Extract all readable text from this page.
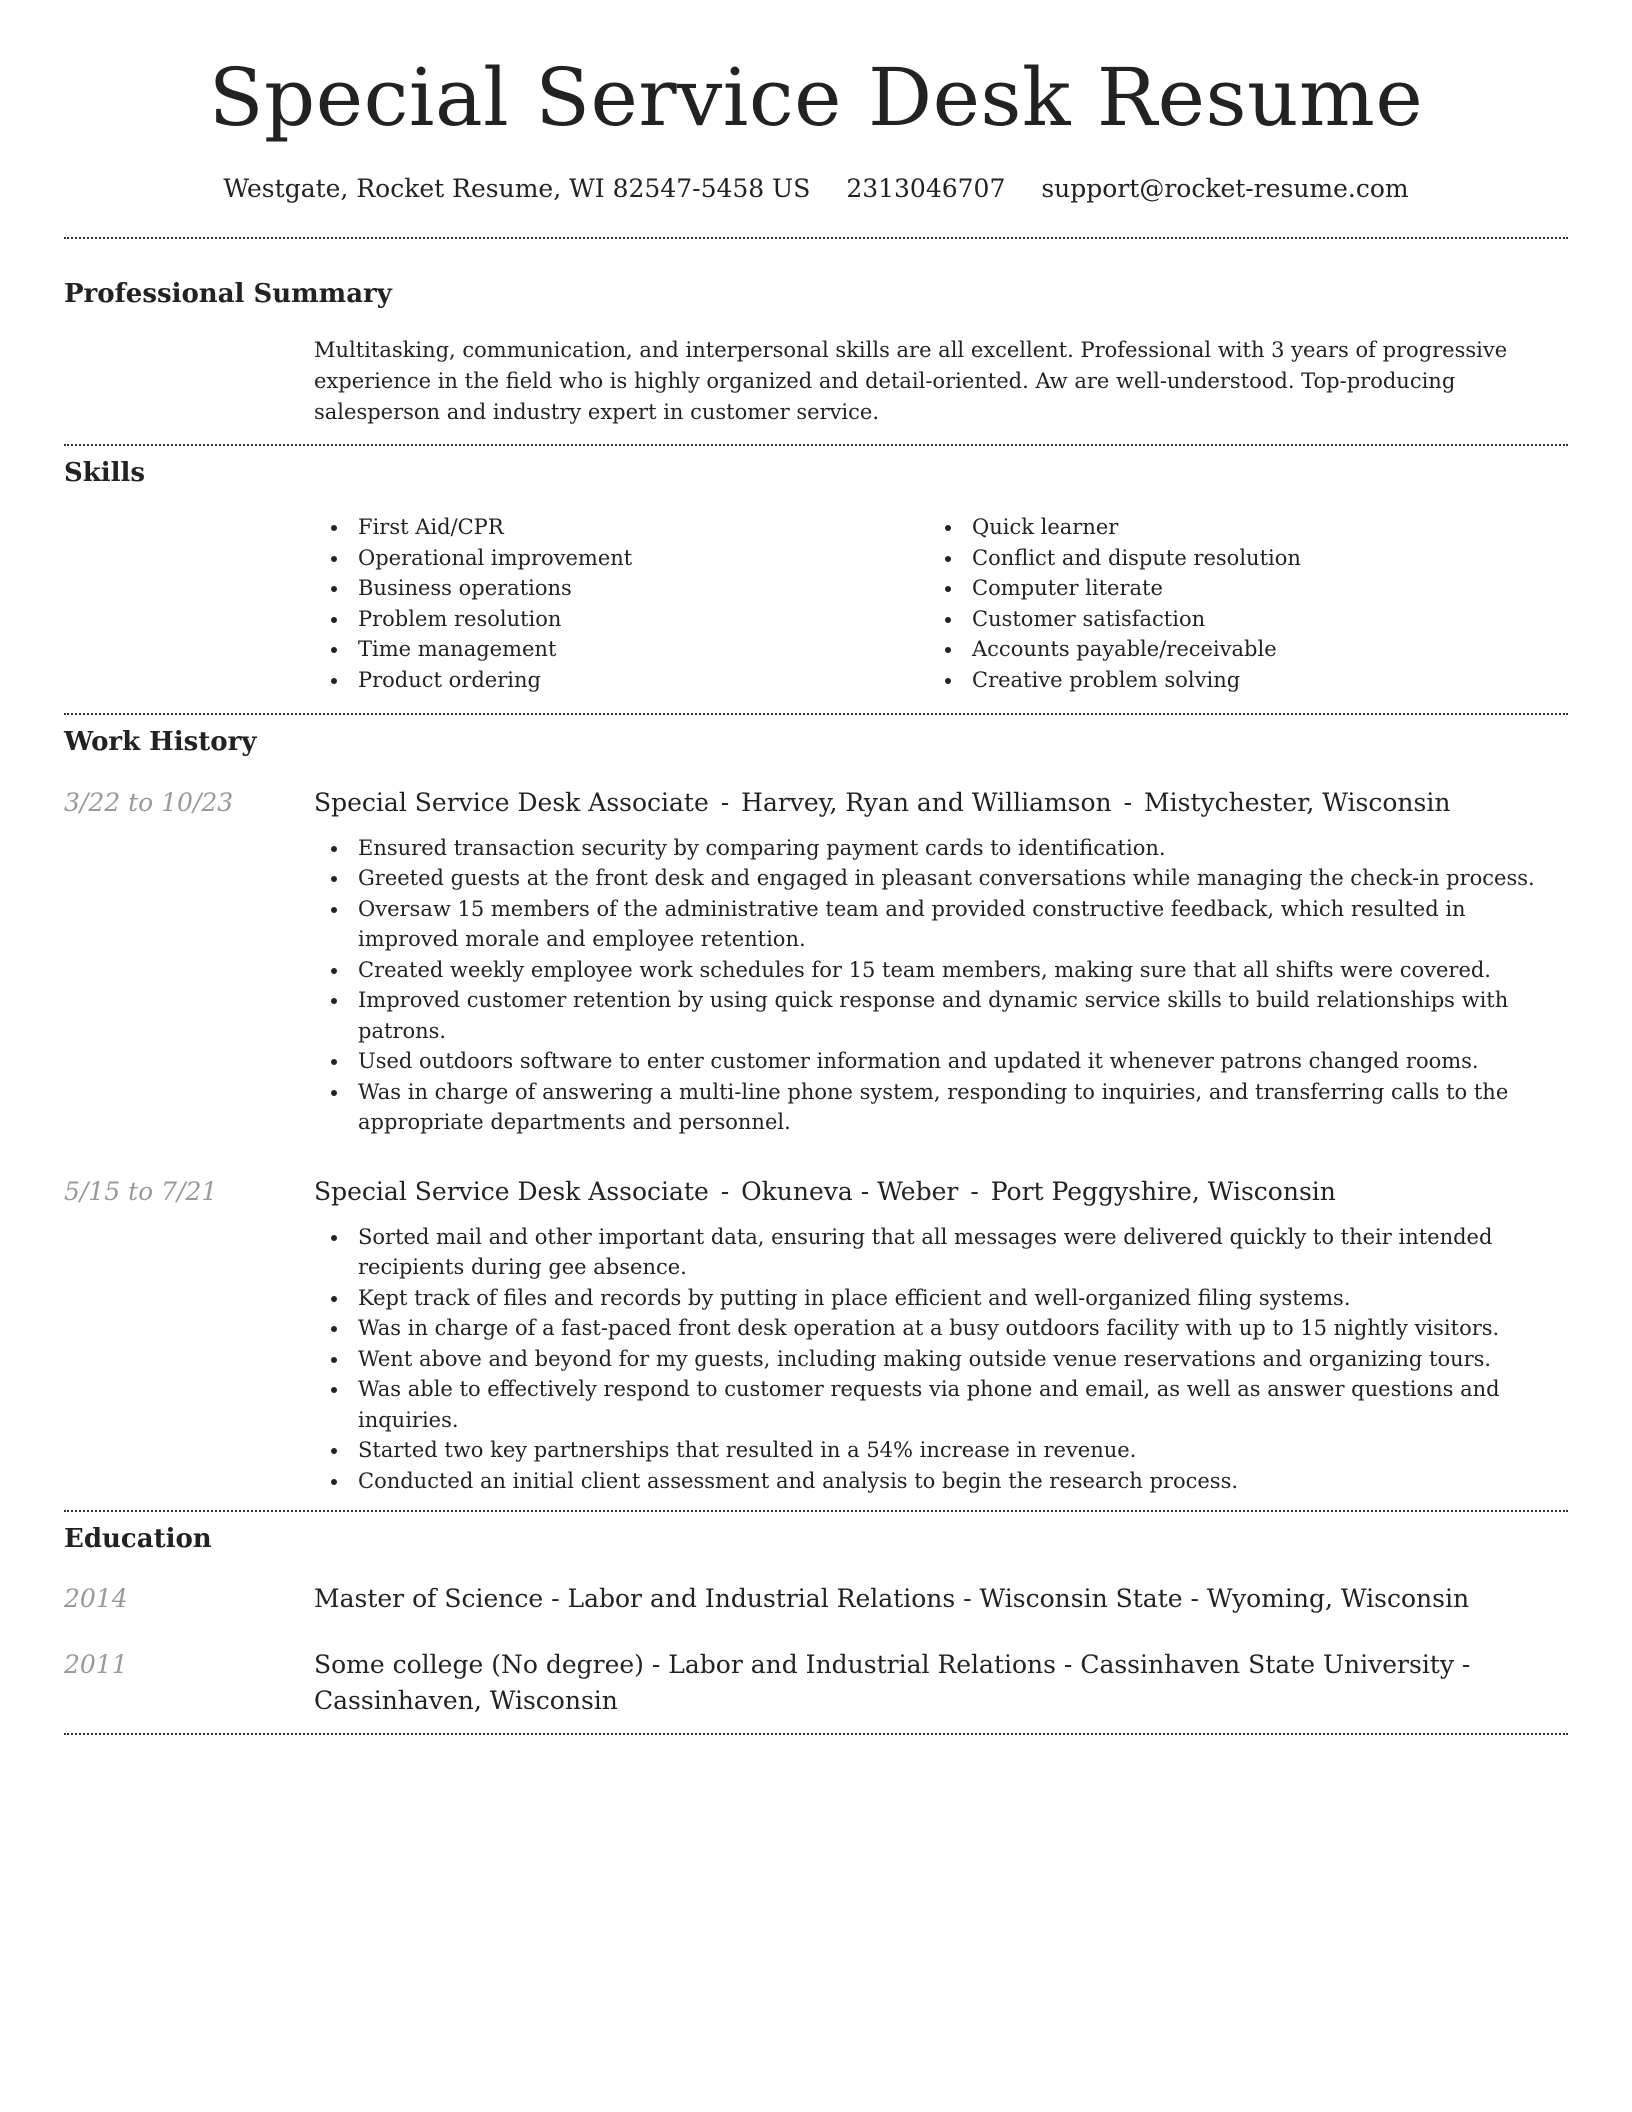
Special Service Desk Resume
Westgate, Rocket Resume, WI 82547-5458 US 2313046707 support@rocket-resume.com
Professional Summary

Multitasking, communication, and interpersonal skills are all excellent. Professional with 3 years of progressive experience in the field who is highly organized and detail-oriented. Aw are well-understood. Top-producing salesperson and industry expert in customer service.

Skills
First Aid/CPR
Operational improvement
Business operations
Problem resolution
Time management
Product ordering
Quick learner
Conflict and dispute resolution
Computer literate
Customer satisfaction
Accounts payable/receivable
Creative problem solving
Work History
3/22 to 10/23	Special Service Desk Associate - Harvey, Ryan and Williamson - Mistychester, Wisconsin
Ensured transaction security by comparing payment cards to identification.
Greeted guests at the front desk and engaged in pleasant conversations while managing the check-in process.
Oversaw 15 members of the administrative team and provided constructive feedback, which resulted in improved morale and employee retention.
Created weekly employee work schedules for 15 team members, making sure that all shifts were covered.
Improved customer retention by using quick response and dynamic service skills to build relationships with patrons.
Used outdoors software to enter customer information and updated it whenever patrons changed rooms.
Was in charge of answering a multi-line phone system, responding to inquiries, and transferring calls to the appropriate departments and personnel.
5/15 to 7/21	Special Service Desk Associate - Okuneva - Weber - Port Peggyshire, Wisconsin
Sorted mail and other important data, ensuring that all messages were delivered quickly to their intended recipients during gee absence.
Kept track of files and records by putting in place efficient and well-organized filing systems.
Was in charge of a fast-paced front desk operation at a busy outdoors facility with up to 15 nightly visitors.
Went above and beyond for my guests, including making outside venue reservations and organizing tours.
Was able to effectively respond to customer requests via phone and email, as well as answer questions and inquiries.
Started two key partnerships that resulted in a 54% increase in revenue.
Conducted an initial client assessment and analysis to begin the research process.
Education
2014	Master of Science - Labor and Industrial Relations - Wisconsin State - Wyoming, Wisconsin
2011	Some college (No degree) - Labor and Industrial Relations - Cassinhaven State University - Cassinhaven, Wisconsin
